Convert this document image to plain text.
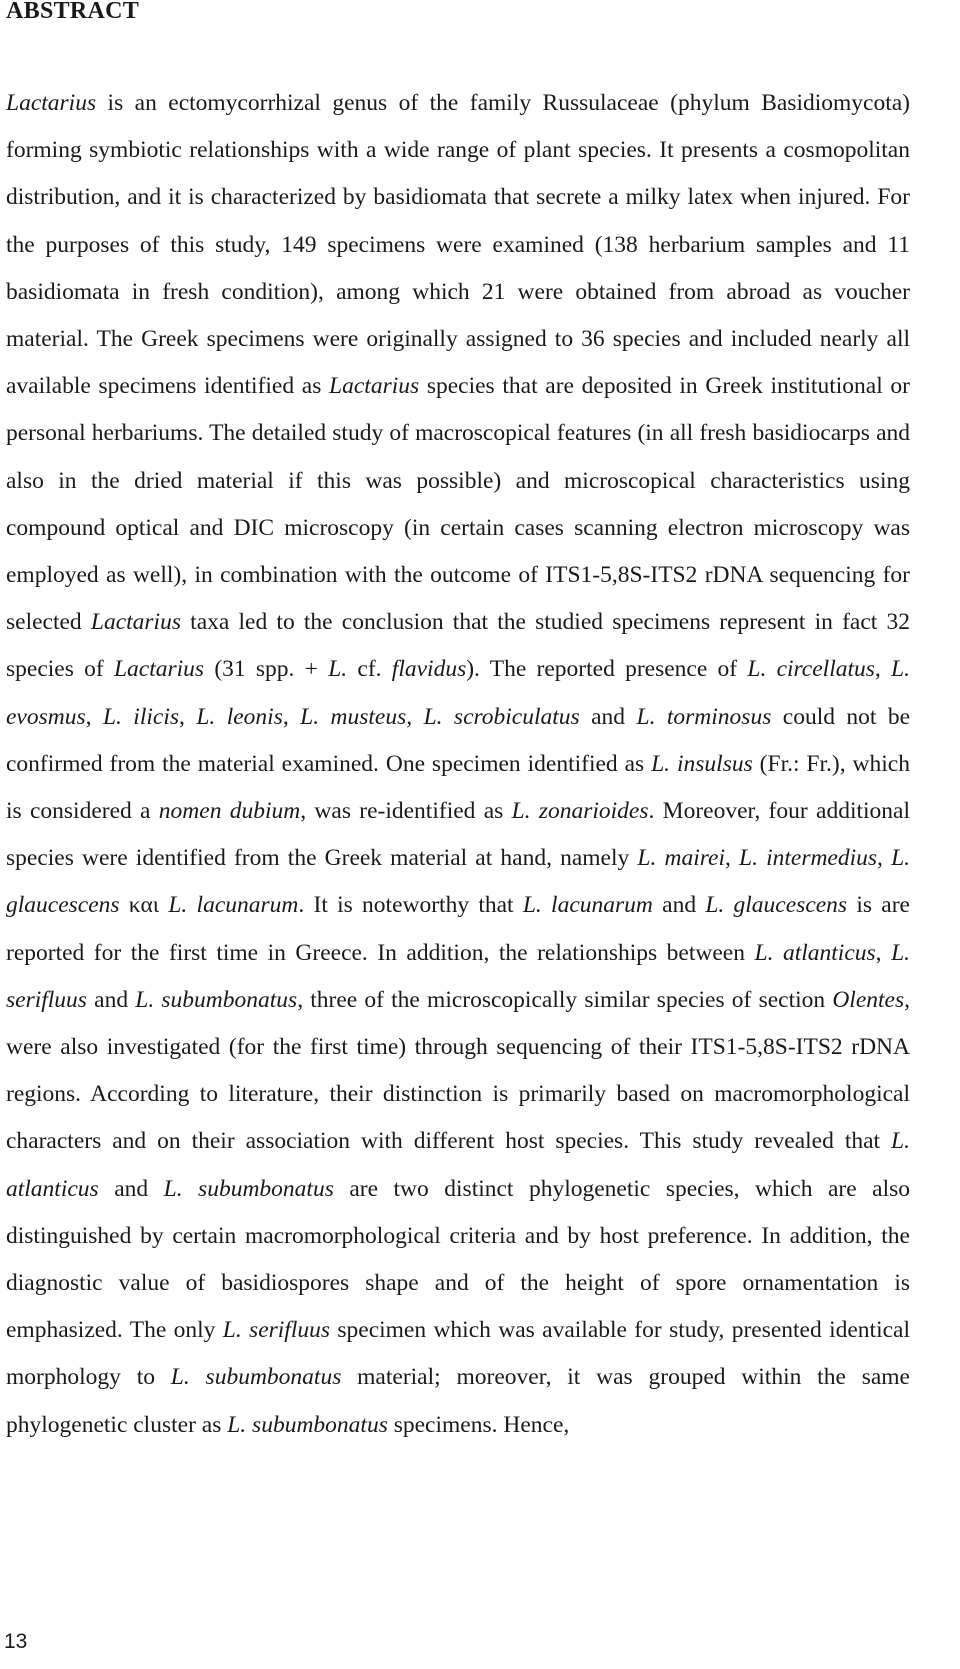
ABSTRACT

Lactarius is an ectomycorrhizal genus of the family Russulaceae (phylum Basidiomycota) forming symbiotic relationships with a wide range of plant species. It presents a cosmopolitan distribution, and it is characterized by basidiomata that secrete a milky latex when injured. For the purposes of this study, 149 specimens were examined (138 herbarium samples and 11 basidiomata in fresh condition), among which 21 were obtained from abroad as voucher material. The Greek specimens were originally assigned to 36 species and included nearly all available specimens identified as Lactarius species that are deposited in Greek institutional or personal herbariums. The detailed study of macroscopical features (in all fresh basidiocarps and also in the dried material if this was possible) and microscopical characteristics using compound optical and DIC microscopy (in certain cases scanning electron microscopy was employed as well), in combination with the outcome of ITS1-5,8S-ITS2 rDNA sequencing for selected Lactarius taxa led to the conclusion that the studied specimens represent in fact 32 species of Lactarius (31 spp. + L. cf. flavidus). The reported presence of L. circellatus, L. evosmus, L. ilicis, L. leonis, L. musteus, L. scrobiculatus and L. torminosus could not be confirmed from the material examined. One specimen identified as L. insulsus (Fr.: Fr.), which is considered a nomen dubium, was re-identified as L. zonarioides. Moreover, four additional species were identified from the Greek material at hand, namely L. mairei, L. intermedius, L. glaucescens και L. lacunarum. It is noteworthy that L. lacunarum and L. glaucescens is are reported for the first time in Greece. In addition, the relationships between L. atlanticus, L. serifluus and L. subumbonatus, three of the microscopically similar species of section Olentes, were also investigated (for the first time) through sequencing of their ITS1-5,8S-ITS2 rDNA regions. According to literature, their distinction is primarily based on macromorphological characters and on their association with different host species. This study revealed that L. atlanticus and L. subumbonatus are two distinct phylogenetic species, which are also distinguished by certain macromorphological criteria and by host preference. In addition, the diagnostic value of basidiospores shape and of the height of spore ornamentation is emphasized. The only L. serifluus specimen which was available for study, presented identical morphology to L. subumbonatus material; moreover, it was grouped within the same phylogenetic cluster as L. subumbonatus specimens. Hence,

13
